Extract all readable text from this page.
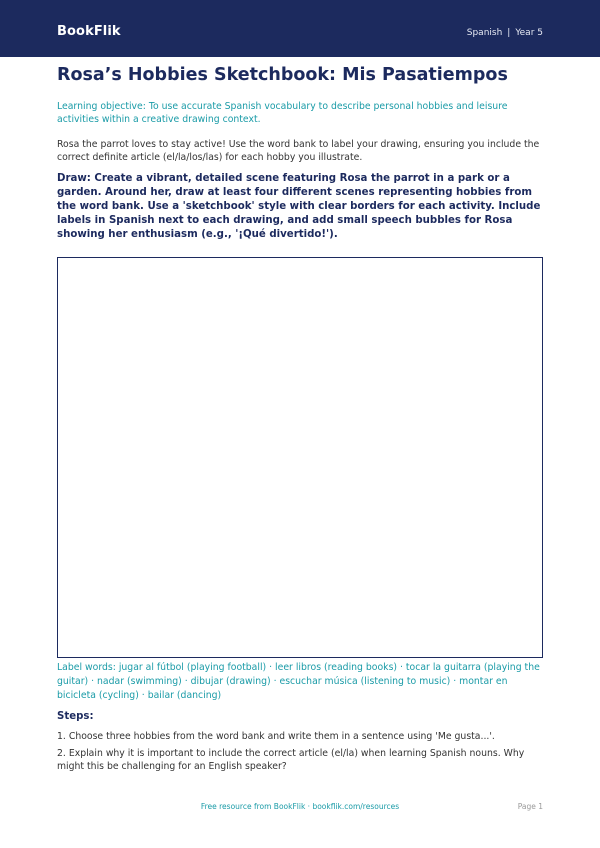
BookFlik	Spanish | Year 5
Rosa’s Hobbies Sketchbook: Mis Pasatiempos

Learning objective: To use accurate Spanish vocabulary to describe personal hobbies and leisure activities within a creative drawing context.

Rosa the parrot loves to stay active! Use the word bank to label your drawing, ensuring you include the correct definite article (el/la/los/las) for each hobby you illustrate.

Draw: Create a vibrant, detailed scene featuring Rosa the parrot in a park or a garden. Around her, draw at least four different scenes representing hobbies from the word bank. Use a 'sketchbook' style with clear borders for each activity. Include labels in Spanish next to each drawing, and add small speech bubbles for Rosa showing her enthusiasm (e.g., '¡Qué divertido!').

Label words: jugar al fútbol (playing football) · leer libros (reading books) · tocar la guitarra (playing the guitar) · nadar (swimming) · dibujar (drawing) · escuchar música (listening to music) · montar en bicicleta (cycling) · bailar (dancing)

Steps:
1. Choose three hobbies from the word bank and write them in a sentence using 'Me gusta...'.
2. Explain why it is important to include the correct article (el/la) when learning Spanish nouns. Why might this be challenging for an English speaker?
Free resource from BookFlik · bookflik.com/resources	Page 1
